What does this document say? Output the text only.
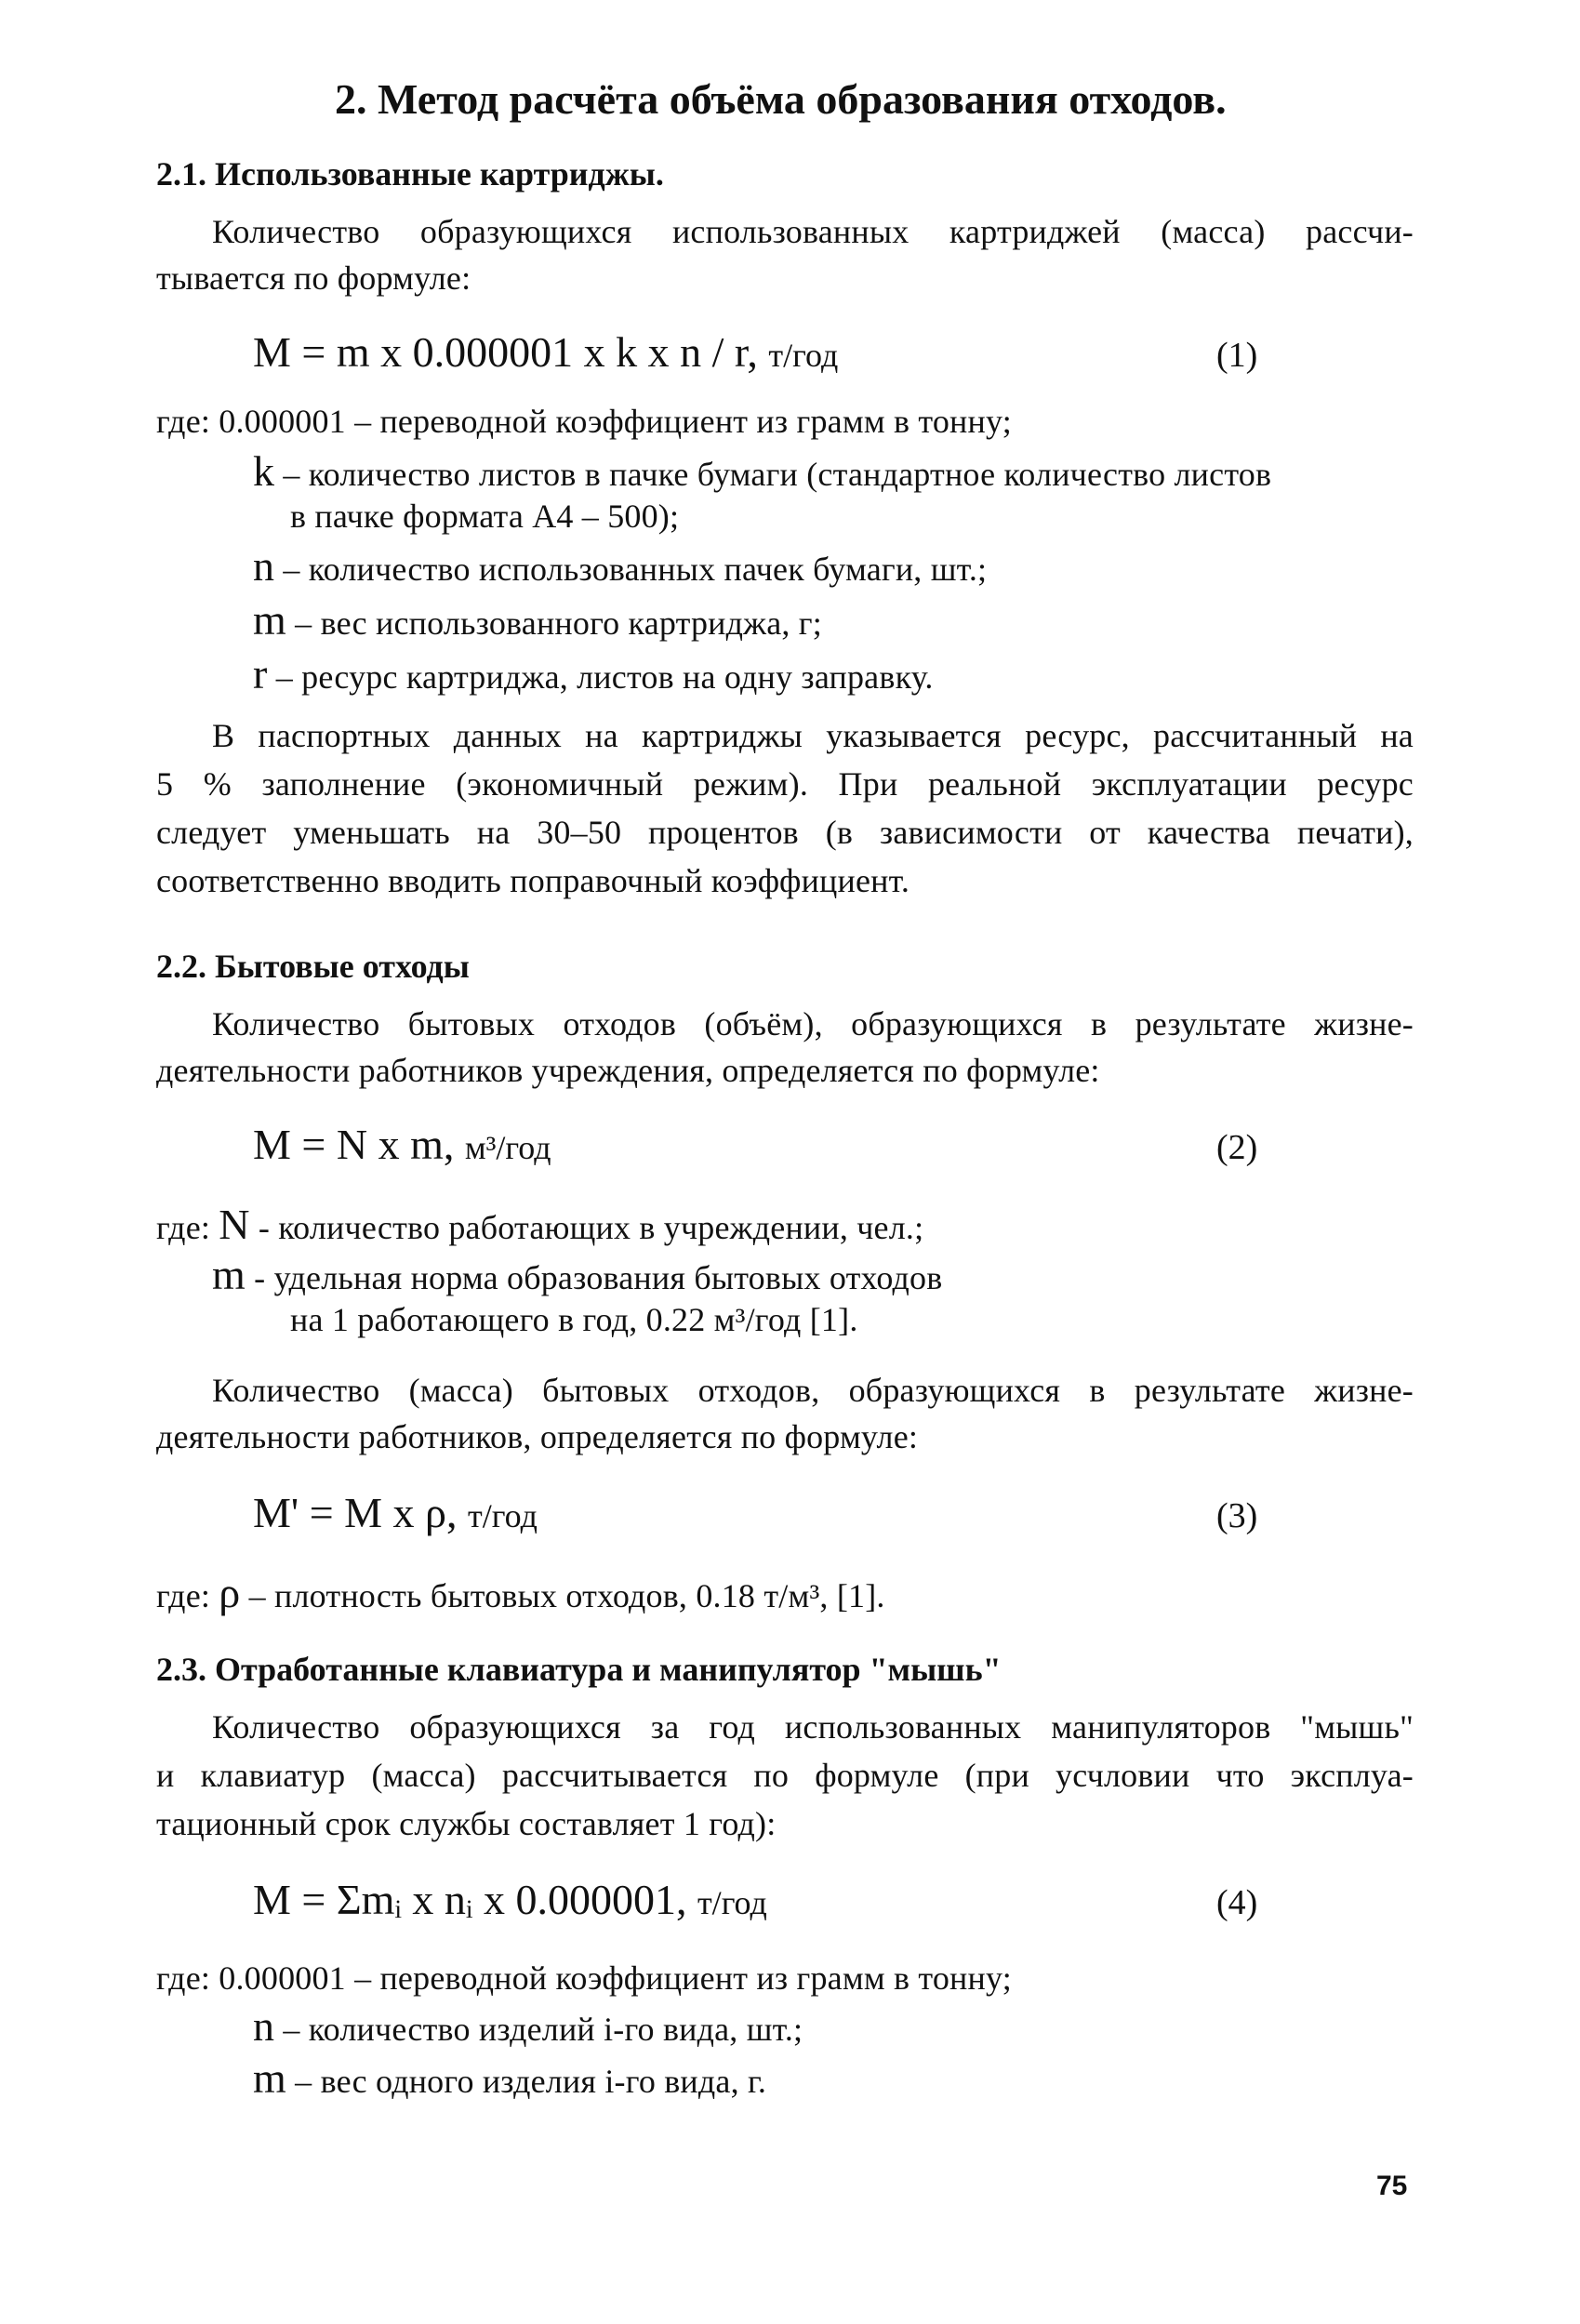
2. Метод расчёта объёма образования отходов.
2.1. Использованные картриджы.
Количество образующихся использованных картриджей (масса) рассчи-
тывается по формуле:
M = m x 0.000001 x k x n / r, т/год	(1)
где: 0.000001 – переводной коэффициент из грамм в тонну;
k – количество листов в пачке бумаги (стандартное количество листов
в пачке формата А4 – 500);
n – количество использованных пачек бумаги, шт.;
m – вес использованного картриджа, г;
r – ресурс картриджа, листов на одну заправку.
В паспортных данных на картриджы указывается ресурс, рассчитанный на
5 % заполнение (экономичный режим). При реальной эксплуатации ресурс
следует уменьшать на 30–50 процентов (в зависимости от качества печати),
соответственно вводить поправочный коэффициент.
2.2. Бытовые отходы
Количество бытовых отходов (объём), образующихся в результате жизне-
деятельности работников учреждения, определяется по формуле:
M = N x m, м³/год	(2)
где: N - количество работающих в учреждении, чел.;
m - удельная норма образования бытовых отходов
на 1 работающего в год, 0.22 м³/год [1].
Количество (масса) бытовых отходов, образующихся в результате жизне-
деятельности работников, определяется по формуле:
M' = M x ρ, т/год	(3)
где: ρ – плотность бытовых отходов, 0.18 т/м³, [1].
2.3. Отработанные клавиатура и манипулятор "мышь"
Количество образующихся за год использованных манипуляторов "мышь"
и клавиатур (масса) рассчитывается по формуле (при усчловии что эксплуа-
тационный срок службы составляет 1 год):
M = Σmᵢ x nᵢ x 0.000001, т/год	(4)
где: 0.000001 – переводной коэффициент из грамм в тонну;
n – количество изделий i-го вида, шт.;
m – вес одного изделия i-го вида, г.
75
